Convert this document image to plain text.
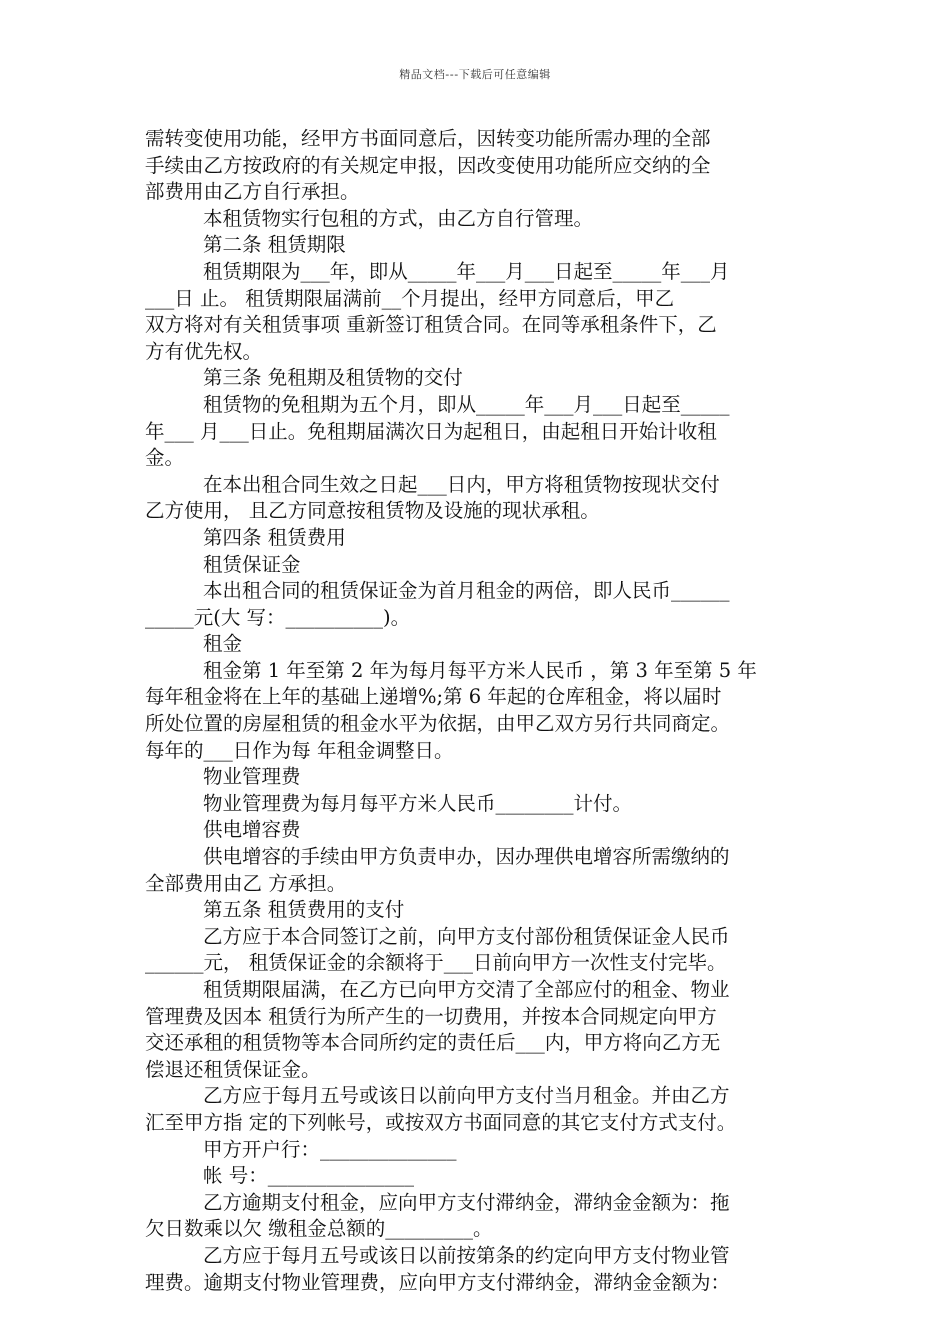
精品文档---下载后可任意编辑
需转变使用功能，经甲方书面同意后，因转变功能所需办理的全部
手续由乙方按政府的有关规定申报，因改变使用功能所应交纳的全
部费用由乙方自行承担。
本租赁物实行包租的方式，由乙方自行管理。
第二条 租赁期限
租赁期限为___年，即从_____年___月___日起至_____年___月
___日 止。 租赁期限届满前__个月提出，经甲方同意后，甲乙
双方将对有关租赁事项 重新签订租赁合同。在同等承租条件下，乙
方有优先权。
第三条 免租期及租赁物的交付
租赁物的免租期为五个月，即从_____年___月___日起至_____
年___ 月___日止。免租期届满次日为起租日，由起租日开始计收租
金。
在本出租合同生效之日起___日内，甲方将租赁物按现状交付
乙方使用， 且乙方同意按租赁物及设施的现状承租。
第四条 租赁费用
租赁保证金
本出租合同的租赁保证金为首月租金的两倍，即人民币______
_____元(大 写：__________)。
租金
租金第 1 年至第 2 年为每月每平方米人民币 ，第 3 年至第 5 年
每年租金将在上年的基础上递增%;第 6 年起的仓库租金，将以届时
所处位置的房屋租赁的租金水平为依据，由甲乙双方另行共同商定。
每年的___日作为每 年租金调整日。
物业管理费
物业管理费为每月每平方米人民币________计付。
供电增容费
供电增容的手续由甲方负责申办，因办理供电增容所需缴纳的
全部费用由乙 方承担。
第五条 租赁费用的支付
乙方应于本合同签订之前，向甲方支付部份租赁保证金人民币
______元， 租赁保证金的余额将于___日前向甲方一次性支付完毕。
租赁期限届满，在乙方已向甲方交清了全部应付的租金、物业
管理费及因本 租赁行为所产生的一切费用，并按本合同规定向甲方
交还承租的租赁物等本合同所约定的责任后___内，甲方将向乙方无
偿退还租赁保证金。
乙方应于每月五号或该日以前向甲方支付当月租金。并由乙方
汇至甲方指 定的下列帐号，或按双方书面同意的其它支付方式支付。
甲方开户行：______________
帐 号：_______________
乙方逾期支付租金，应向甲方支付滞纳金，滞纳金金额为：拖
欠日数乘以欠 缴租金总额的_________。
乙方应于每月五号或该日以前按第条的约定向甲方支付物业管
理费。逾期支付物业管理费，应向甲方支付滞纳金，滞纳金金额为：
